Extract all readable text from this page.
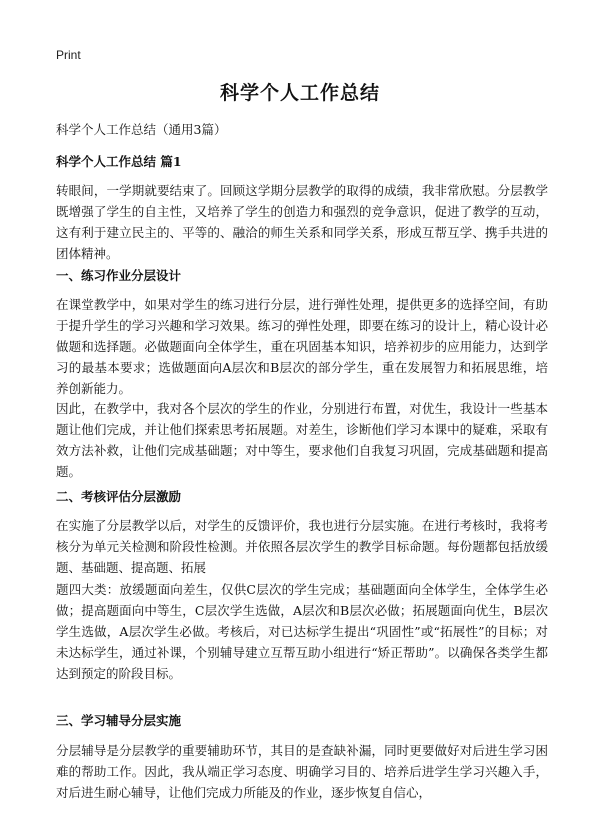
Print
科学个人工作总结
科学个人工作总结（通用3篇）
科学个人工作总结 篇1

转眼间，一学期就要结束了。回顾这学期分层教学的取得的成绩，我非常欣慰。分层教学既增强了学生的自主性，又培养了学生的创造力和强烈的竞争意识，促进了教学的互动，这有利于建立民主的、平等的、融洽的师生关系和同学关系，形成互帮互学、携手共进的团体精神。

一、练习作业分层设计

在课堂教学中，如果对学生的练习进行分层，进行弹性处理，提供更多的选择空间，有助于提升学生的学习兴趣和学习效果。练习的弹性处理，即要在练习的设计上，精心设计必做题和选择题。必做题面向全体学生，重在巩固基本知识，培养初步的应用能力，达到学习的最基本要求；选做题面向A层次和B层次的部分学生，重在发展智力和拓展思维，培养创新能力。

因此，在教学中，我对各个层次的学生的作业，分别进行布置，对优生，我设计一些基本题让他们完成，并让他们探索思考拓展题。对差生，诊断他们学习本课中的疑难，采取有效方法补救，让他们完成基础题；对中等生，要求他们自我复习巩固，完成基础题和提高题。

二、考核评估分层激励

在实施了分层教学以后，对学生的反馈评价，我也进行分层实施。在进行考核时，我将考核分为单元关检测和阶段性检测。并依照各层次学生的教学目标命题。每份题都包括放缓题、基础题、提高题、拓展

题四大类：放缓题面向差生，仅供C层次的学生完成；基础题面向全体学生，全体学生必做；提高题面向中等生，C层次学生选做，A层次和B层次必做；拓展题面向优生，B层次学生选做，A层次学生必做。考核后，对已达标学生提出“巩固性”或“拓展性”的目标；对未达标学生，通过补课，个别辅导建立互帮互助小组进行“矫正帮助”。以确保各类学生都达到预定的阶段目标。

三、学习辅导分层实施

分层辅导是分层教学的重要辅助环节，其目的是查缺补漏，同时更要做好对后进生学习困难的帮助工作。因此，我从端正学习态度、明确学习目的、培养后进学生学习兴趣入手，对后进生耐心辅导，让他们完成力所能及的作业，逐步恢复自信心，
